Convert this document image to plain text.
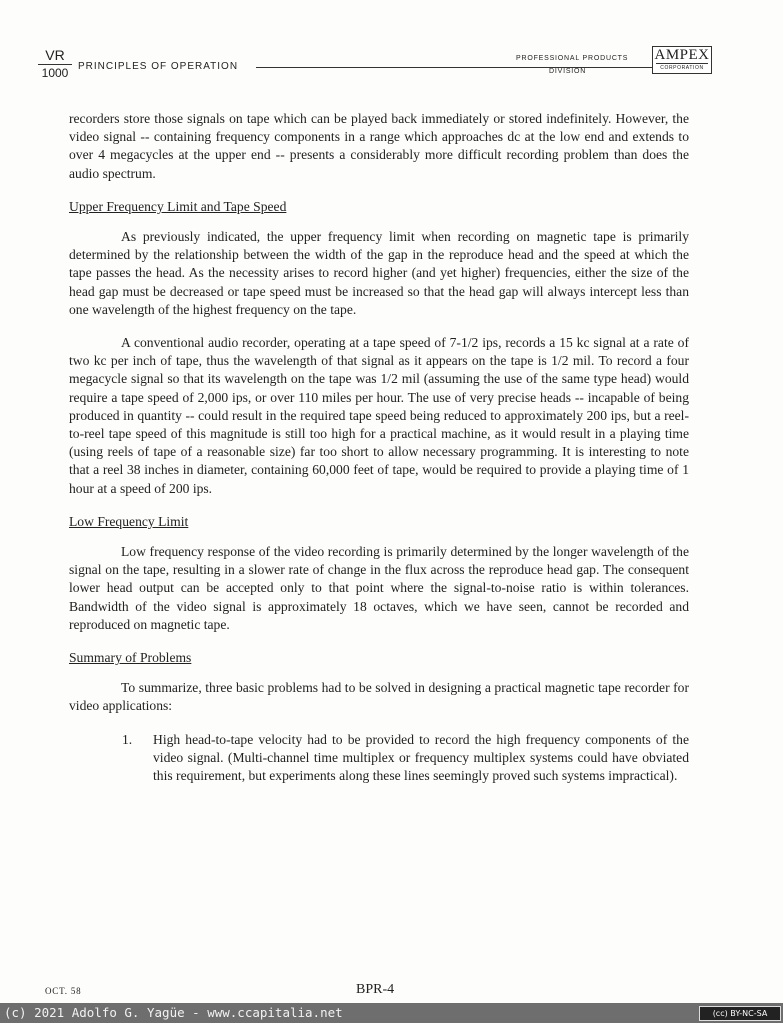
VR
1000 PRINCIPLES OF OPERATION
PROFESSIONAL PRODUCTS
DIVISION
AMPEX
CORPORATION

recorders store those signals on tape which can be played back immediately or stored indefinitely. However, the video signal -- containing frequency components in a range which approaches dc at the low end and extends to over 4 megacycles at the upper end -- presents a considerably more difficult recording problem than does the audio spectrum.

Upper Frequency Limit and Tape Speed

As previously indicated, the upper frequency limit when recording on magnetic tape is primarily determined by the relationship between the width of the gap in the reproduce head and the speed at which the tape passes the head. As the necessity arises to record higher (and yet higher) frequencies, either the size of the head gap must be decreased or tape speed must be increased so that the head gap will always intercept less than one wavelength of the highest frequency on the tape.

A conventional audio recorder, operating at a tape speed of 7-1/2 ips, records a 15 kc signal at a rate of two kc per inch of tape, thus the wavelength of that signal as it appears on the tape is 1/2 mil. To record a four megacycle signal so that its wavelength on the tape was 1/2 mil (assuming the use of the same type head) would require a tape speed of 2,000 ips, or over 110 miles per hour. The use of very precise heads -- incapable of being produced in quantity -- could result in the required tape speed being reduced to approximately 200 ips, but a reel-to-reel tape speed of this magnitude is still too high for a practical machine, as it would result in a playing time (using reels of tape of a reasonable size) far too short to allow necessary programming. It is interesting to note that a reel 38 inches in diameter, containing 60,000 feet of tape, would be required to provide a playing time of 1 hour at a speed of 200 ips.

Low Frequency Limit

Low frequency response of the video recording is primarily determined by the longer wavelength of the signal on the tape, resulting in a slower rate of change in the flux across the reproduce head gap. The consequent lower head output can be accepted only to that point where the signal-to-noise ratio is within tolerances. Bandwidth of the video signal is approximately 18 octaves, which we have seen, cannot be recorded and reproduced on magnetic tape.

Summary of Problems

To summarize, three basic problems had to be solved in designing a practical magnetic tape recorder for video applications:

1.	High head-to-tape velocity had to be provided to record the high frequency components of the video signal. (Multi-channel time multiplex or frequency multiplex systems could have obviated this requirement, but experiments along these lines seemingly proved such systems impractical).
OCT. 58	BPR-4
(c) 2021 Adolfo G. Yagüe - www.ccapitalia.net	(cc) BY-NC-SA
